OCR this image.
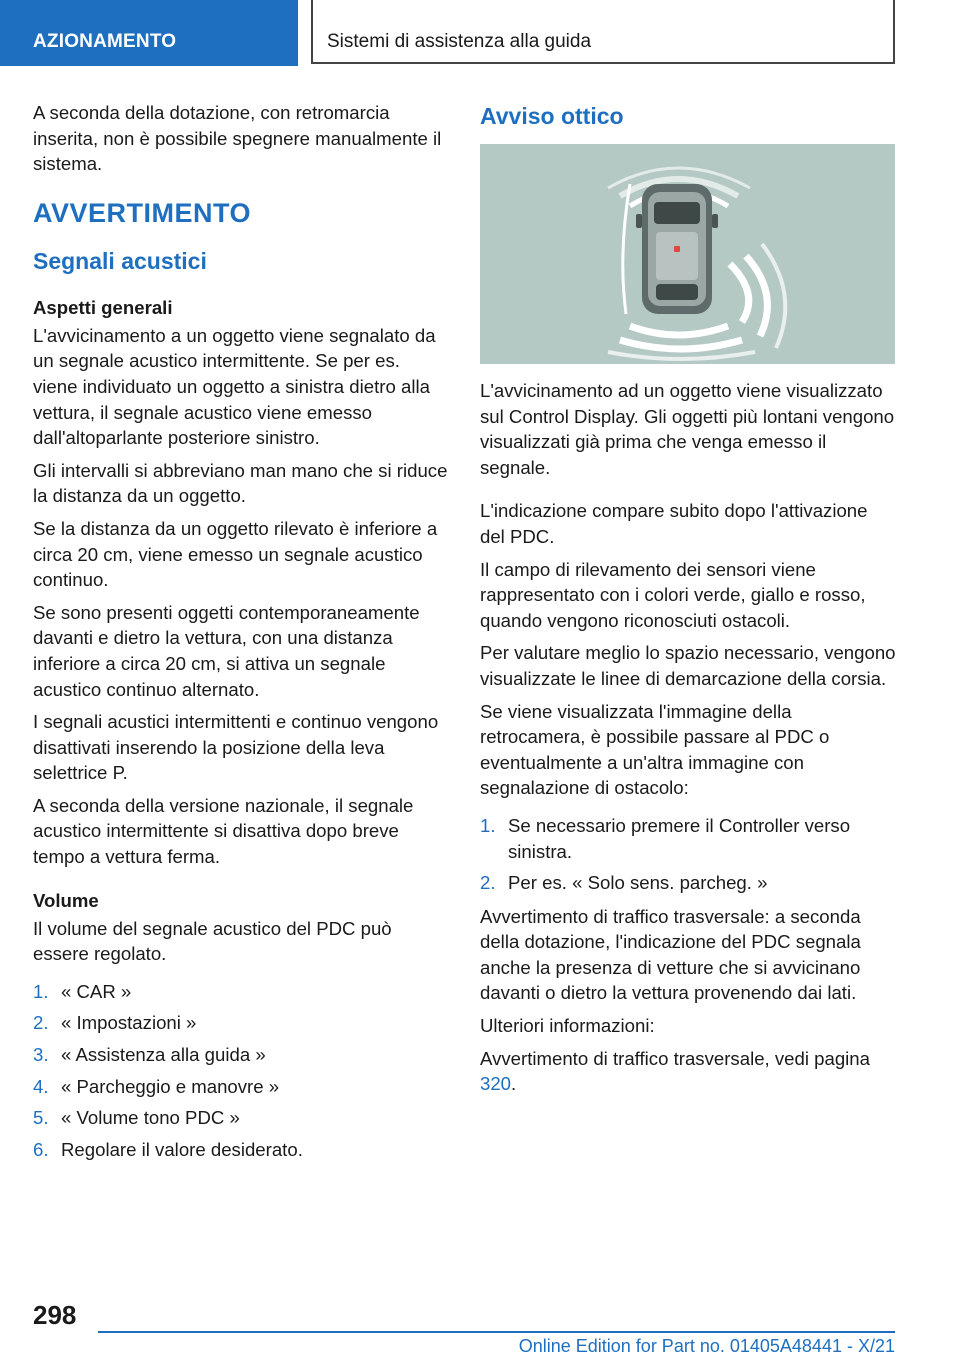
AZIONAMENTO	Sistemi di assistenza alla guida

A seconda della dotazione, con retromarcia inserita, non è possibile spegnere manualmente il sistema.

AVVERTIMENTO
Segnali acustici
Aspetti generali

L'avvicinamento a un oggetto viene segnalato da un segnale acustico intermittente. Se per es. viene individuato un oggetto a sinistra dietro alla vettura, il segnale acustico viene emesso dall'altoparlante posteriore sinistro.

Gli intervalli si abbreviano man mano che si riduce la distanza da un oggetto.

Se la distanza da un oggetto rilevato è inferiore a circa 20 cm, viene emesso un segnale acustico continuo.

Se sono presenti oggetti contemporaneamente davanti e dietro la vettura, con una distanza inferiore a circa 20 cm, si attiva un segnale acustico continuo alternato.

I segnali acustici intermittenti e continuo vengono disattivati inserendo la posizione della leva selettrice P.

A seconda della versione nazionale, il segnale acustico intermittente si disattiva dopo breve tempo a vettura ferma.

Volume

Il volume del segnale acustico del PDC può essere regolato.

1. « CAR »
2. « Impostazioni »
3. « Assistenza alla guida »
4. « Parcheggio e manovre »
5. « Volume tono PDC »
6. Regolare il valore desiderato.
Avviso ottico

L'avvicinamento ad un oggetto viene visualizzato sul Control Display. Gli oggetti più lontani vengono visualizzati già prima che venga emesso il segnale.

L'indicazione compare subito dopo l'attivazione del PDC.

Il campo di rilevamento dei sensori viene rappresentato con i colori verde, giallo e rosso, quando vengono riconosciuti ostacoli.

Per valutare meglio lo spazio necessario, vengono visualizzate le linee di demarcazione della corsia.

Se viene visualizzata l'immagine della retrocamera, è possibile passare al PDC o eventualmente a un'altra immagine con segnalazione di ostacolo:

1. Se necessario premere il Controller verso sinistra.
2. Per es. « Solo sens. parcheg. »

Avvertimento di traffico trasversale: a seconda della dotazione, l'indicazione del PDC segnala anche la presenza di vetture che si avvicinano davanti o dietro la vettura provenendo dai lati.

Ulteriori informazioni:

Avvertimento di traffico trasversale, vedi pagina 320.

298
Online Edition for Part no. 01405A48441 - X/21
